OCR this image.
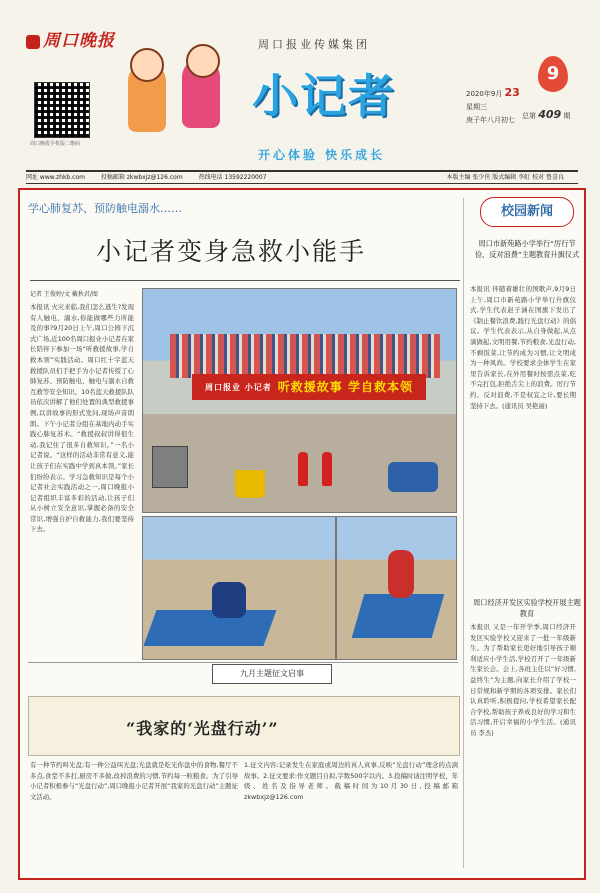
周口晚报
周口晚报手机版二维码
周口报业传媒集团
小记者
开心体验 快乐成长
9
2020年9月 23
星期三
庚子年八月初七	总第 409 期
网址 www.zhkb.com	投稿邮箱 zkwbxjz@126.com	热线电话 13592220007	本版主编 张少侠 版式编辑 李虹 校对 鲁喜良
学心肺复苏、预防触电溺水……
小记者变身急救小能手
记者 王俊婷/文 戴秋君/图
本报讯 火灾来临,我们怎么逃生?发现有人触电、溺水,你能做哪些力所能及的事?9月20日上午,周口公园下沉式广场,近100名周口报业小记者在家长陪伴下参加一场“听救援故事,学自救本领”实践活动。周口红十字蓝天救援队员们手把手为小记者传授了心肺复苏、预防触电、触电与溺水自救互救等安全知识。10名蓝天救援队队员依次讲解了他们处置的典型救援事例,以讲故事的形式发问,现场声音朗朗。下午小记者分组在基地内动手实践心肺复苏术。“救援叔叔讲得很生动,我记住了很多自救知识。”一名小记者说。“这样的活动非常有意义,能让孩子们在实践中学到真本领。”家长们纷纷表示。学习急救知识是每个小记者社会实践活动之一,周口晚报小记者组织丰富多彩的活动,让孩子们从小树立安全意识,掌握必备的安全常识,增强自护自救能力,我们要坚持下去。
周口报业 小记者 听救援故事 学自救本领
校园新闻
周口市新苑路小学举行“厉行节俭、反对浪费”主题教育升旗仪式
本报讯 伴随着雄壮的国歌声,9月9日上午,周口市新苑路小学举行升旗仪式,学生代表赵子涵在国旗下发出了《制止餐饮浪费,践行光盘行动》的倡议。学生代表表示,从自身做起,从点滴做起,文明用餐,节约粮食,光盘行动,不剩饭菜,让节约成为习惯,让文明成为一种风尚。学校要求全体学生在家里告诉家长,在外用餐时按需点菜,吃不完打包,拒绝舌尖上的浪费。厉行节约、反对浪费,不是权宜之计,要长期坚持下去。(通讯员 吴艳丽)
周口经济开发区实验学校开展主题教育
本报讯 又是一年开学季,周口经济开发区实验学校又迎来了一批一年级新生。为了帮助家长更好地引导孩子顺利适应小学生活,学校召开了一年级新生家长会。会上,各班主任以“好习惯,益终生”为主题,向家长介绍了学校一日常规和新学期的各项安排。家长们认真聆听,积极提问,学校希望家长配合学校,帮助孩子养成良好的学习和生活习惯,开启幸福的小学生活。(通讯员 李杰)
九月主题征文启事
“我家的‘光盘行动’”
有一种节约叫光盘;有一种公益叫光盘;光盘就是吃光你盘中的食物,餐厅不多点,食堂不多打,厨房不多做,改掉浪费的习惯,节约每一粒粮食。为了引导小记者积极参与“光盘行动”,周口晚报小记者开展“我家的光盘行动”主题征文活动。
1.征文内容:记录发生在家庭或周边的真人真事,反映“光盘行动”理念的点滴故事。2.征文要求:作文题目自拟,字数500字以内。3.投稿时请注明学校、年级、姓名及指导老师。截稿时间为10月30日,投稿邮箱 zkwbxjz@126.com
